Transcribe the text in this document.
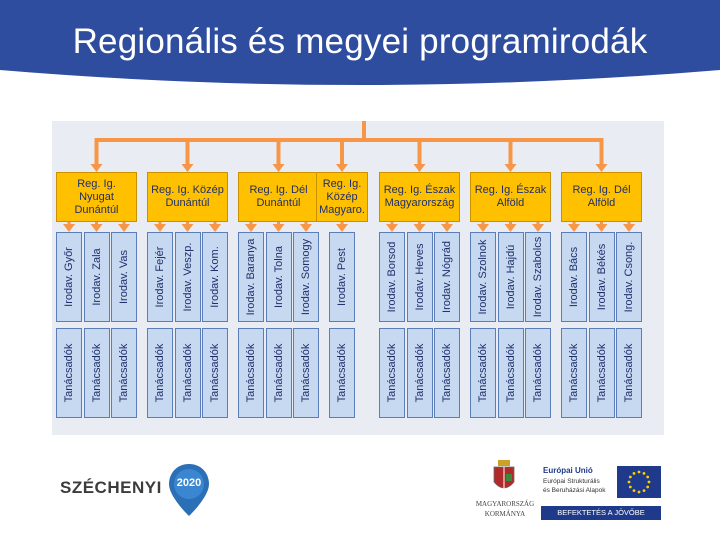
Regionális és megyei programirodák
Reg. Ig. Nyugat Dunántúl
Irodav. Győr
Tanácsadók
Irodav. Zala
Tanácsadók
Irodav. Vas
Tanácsadók
Reg. Ig. Közép Dunántúl
Irodav. Fejér
Tanácsadók
Irodav. Veszp.
Tanácsadók
Irodav. Kom.
Tanácsadók
Reg. Ig. Dél Dunántúl
Irodav. Baranya
Tanácsadók
Irodav. Tolna
Tanácsadók
Irodav. Somogy
Tanácsadók
Reg. Ig. Közép Magyaro.
Irodav. Pest
Tanácsadók
Reg. Ig. Észak Magyarország
Irodav. Borsod
Tanácsadók
Irodav. Heves
Tanácsadók
Irodav. Nógrád
Tanácsadók
Reg. Ig. Észak Alföld
Irodav. Szolnok
Tanácsadók
Irodav. Hajdú
Tanácsadók
Irodav. Szabolcs
Tanácsadók
Reg. Ig. Dél Alföld
Irodav. Bács
Tanácsadók
Irodav. Békés
Tanácsadók
Irodav. Csong.
Tanácsadók
SZÉCHENYI	2020
MAGYARORSZÁG
KORMÁNYA
Európai Unió
Európai Strukturális
és Beruházási Alapok
BEFEKTETÉS A JÖVŐBE
